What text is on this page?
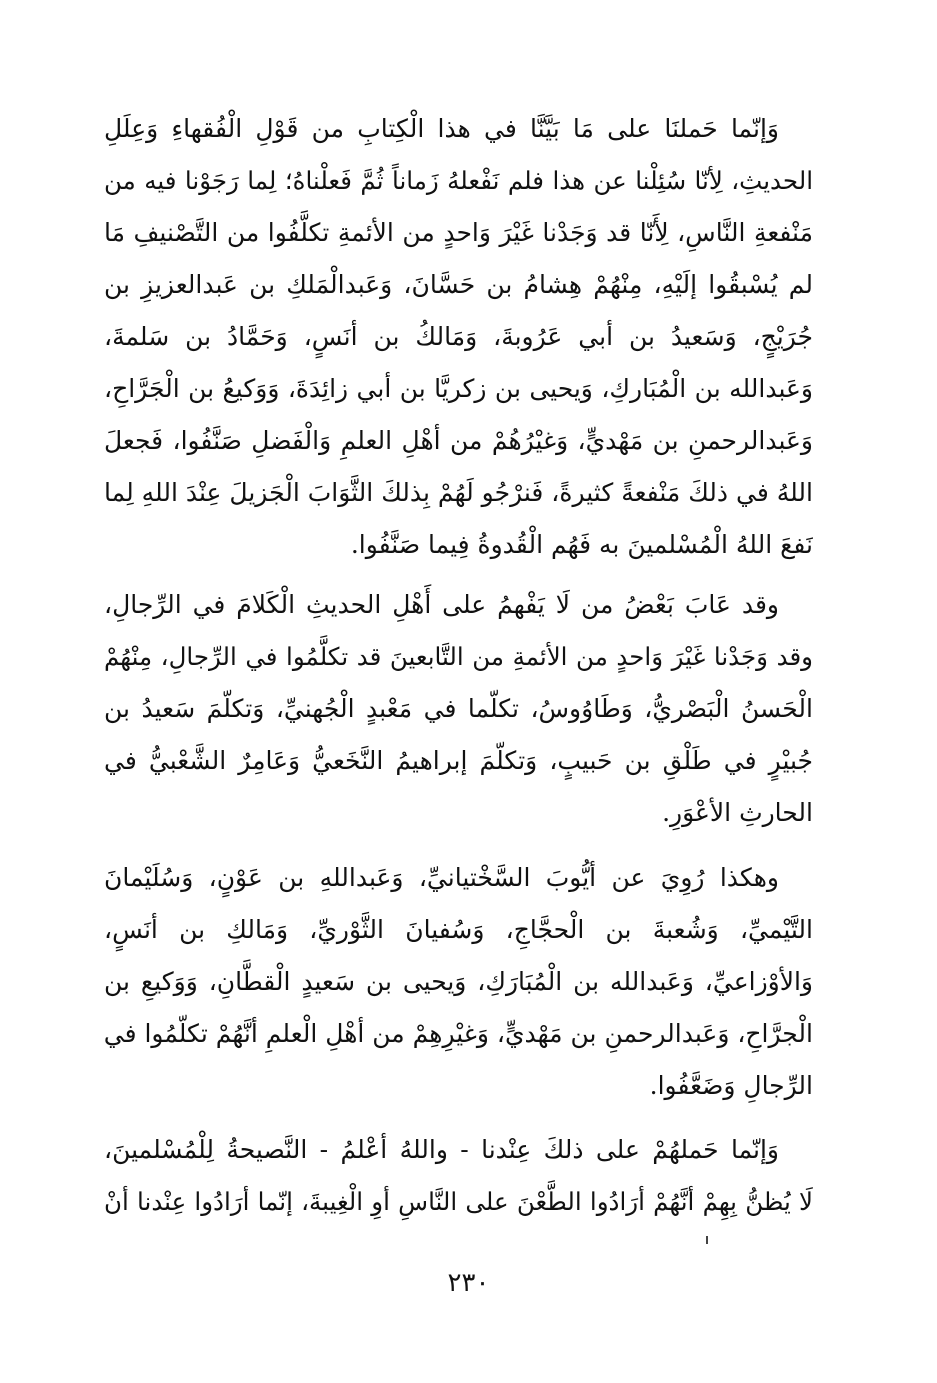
وَإنّما حَملنَا على مَا بَيَّنَّا في هذا الْكِتابِ من قَوْلِ الْفُقهاءِ وَعِلَلِ
الحديثِ، لِأنّا سُئِلْنا عن هذا فلم نَفْعلهُ زَماناً ثُمَّ فَعلْناهُ؛ لِما رَجَوْنا فيه من
مَنْفعةِ النَّاسِ، لِأَنّا قد وَجَدْنا غَيْرَ وَاحدٍ من الأئمةِ تكلَّفُوا من التَّصْنيفِ مَا
لم يُسْبقُوا إلَيْهِ، مِنْهُمْ هِشامُ بن حَسَّانَ، وَعَبدالْمَلكِ بن عَبدالعزيزِ بن
جُرَيْجٍ، وَسَعيدُ بن أبي عَرُوبةَ، وَمَالكُ بن أنَسٍ، وَحَمَّادُ بن سَلمةَ،
وَعَبدالله بن الْمُبَاركِ، وَيحيى بن زكريَّا بن أبي زائِدَةَ، وَوَكيعُ بن الْجَرَّاحِ،
وَعَبدالرحمنِ بن مَهْديٍّ، وَغيْرُهُمْ من أهْلِ العلمِ وَالْفَضلِ صَنَّفُوا، فَجعلَ
اللهُ في ذلكَ مَنْفعةً كثيرةً، فَنرْجُو لَهُمْ بِذلكَ الثَّوَابَ الْجَزيلَ عِنْدَ اللهِ لِما
نَفعَ اللهُ الْمُسْلمينَ به فَهُم الْقُدوةُ فِيما صَنَّفُوا.
وقد عَابَ بَعْضُ من لَا يَفْهمُ على أَهْلِ الحديثِ الْكَلامَ في الرِّجالِ،
وقد وَجَدْنا غَيْرَ وَاحدٍ من الأئمةِ من التَّابعينَ قد تكلَّمُوا في الرِّجالِ، مِنْهُمْ
الْحَسنُ الْبَصْريُّ، وَطَاوُوسُ، تكلّما في مَعْبدٍ الْجُهنيِّ، وَتكلّمَ سَعيدُ بن
جُبيْرٍ في طَلْقِ بن حَبيبٍ، وَتكلّمَ إبراهيمُ النَّخَعيُّ وَعَامِرٌ الشَّعْبيُّ في
الحارثِ الأعْوَرِ.
وهكذا رُوِيَ عن أيُّوبَ السَّخْتيانيِّ، وَعَبداللهِ بن عَوْنٍ، وَسُلَيْمانَ
التَّيْميِّ، وَشُعبةَ بن الْحجَّاجِ، وَسُفيانَ الثَّوْريِّ، وَمَالكِ بن أنَسٍ،
وَالأوْزاعيِّ، وَعَبدالله بن الْمُبَارَكِ، وَيحيى بن سَعيدٍ الْقطَّانِ، وَوَكيعِ بن
الْجرَّاحِ، وَعَبدالرحمنِ بن مَهْديٍّ، وَغيْرِهِمْ من أهْلِ الْعلمِ أنَّهُمْ تكلّمُوا في
الرِّجالِ وَضَعَّفُوا.
وَإنّما حَملهُمْ على ذلكَ عِنْدنا - واللهُ أعْلمُ - النَّصيحةُ لِلْمُسْلمينَ،
لَا يُظنُّ بِهِمْ أنَّهُمْ أرَادُوا الطَّعْنَ على النَّاسِ أوِ الْغِيبةَ، إنّما أرَادُوا عِنْدنا أنْ
٢٣٠
